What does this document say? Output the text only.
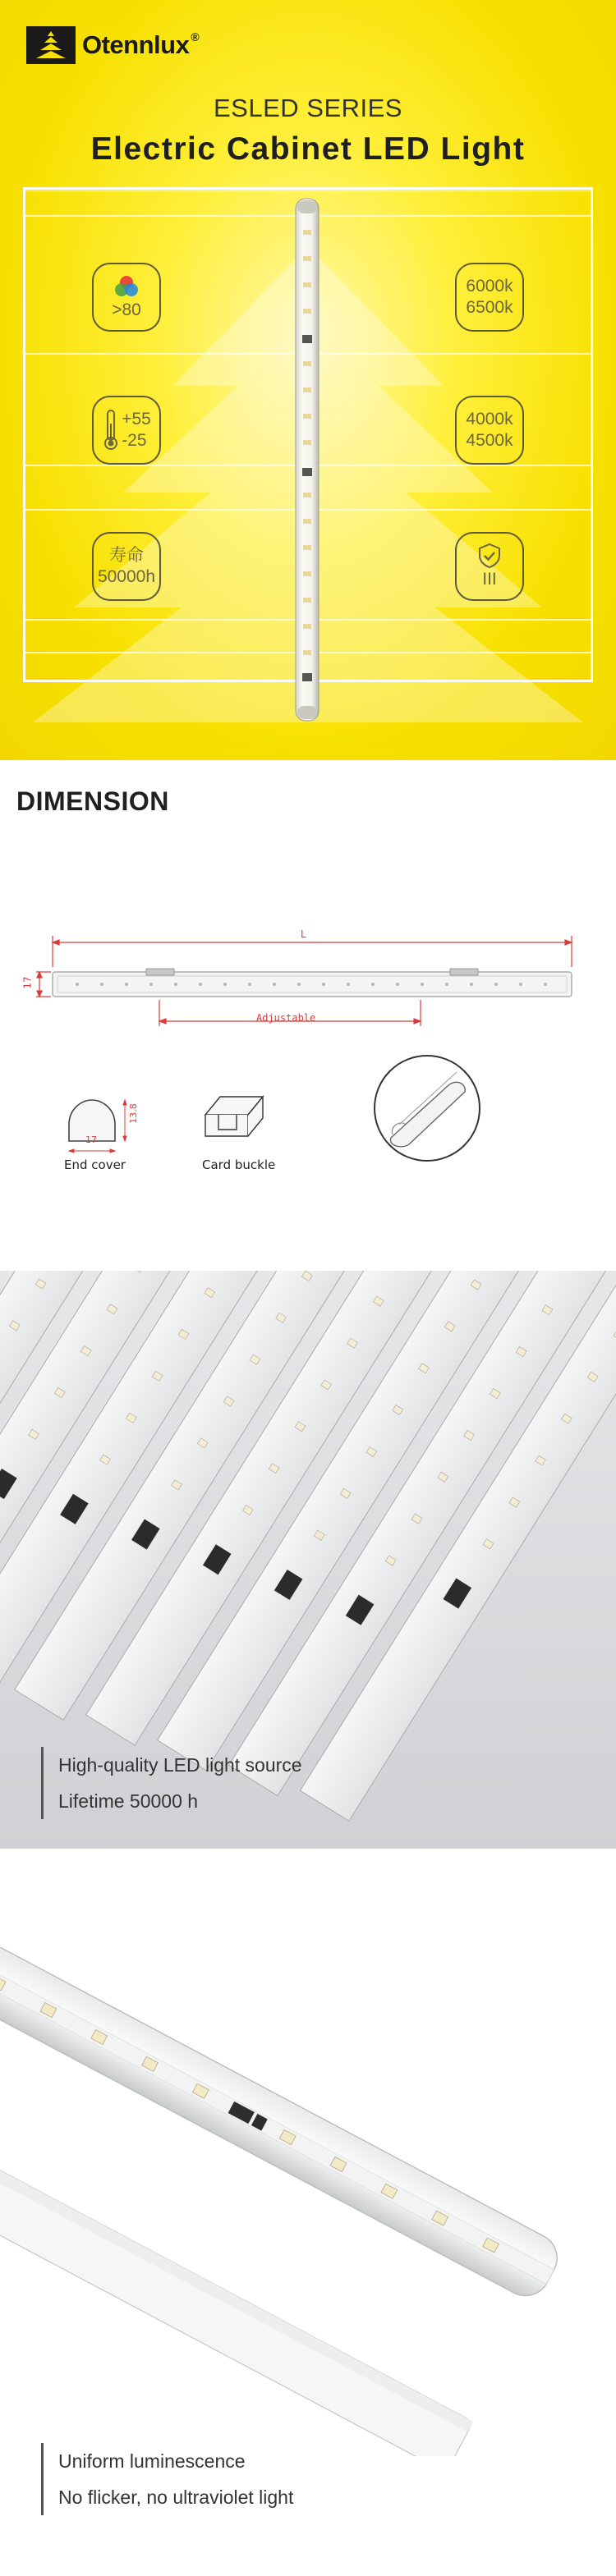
Otennlux ®
ESLED SERIES
Electric Cabinet LED Light
>80
6000k
6500k
+55
-25
4000k
4500k
寿命
50000h	III
DIMENSION
L
17
Adjustable
17
13.8
End cover	Card buckle

High-quality LED light source

Lifetime 50000 h

Uniform luminescence

No flicker, no ultraviolet light
